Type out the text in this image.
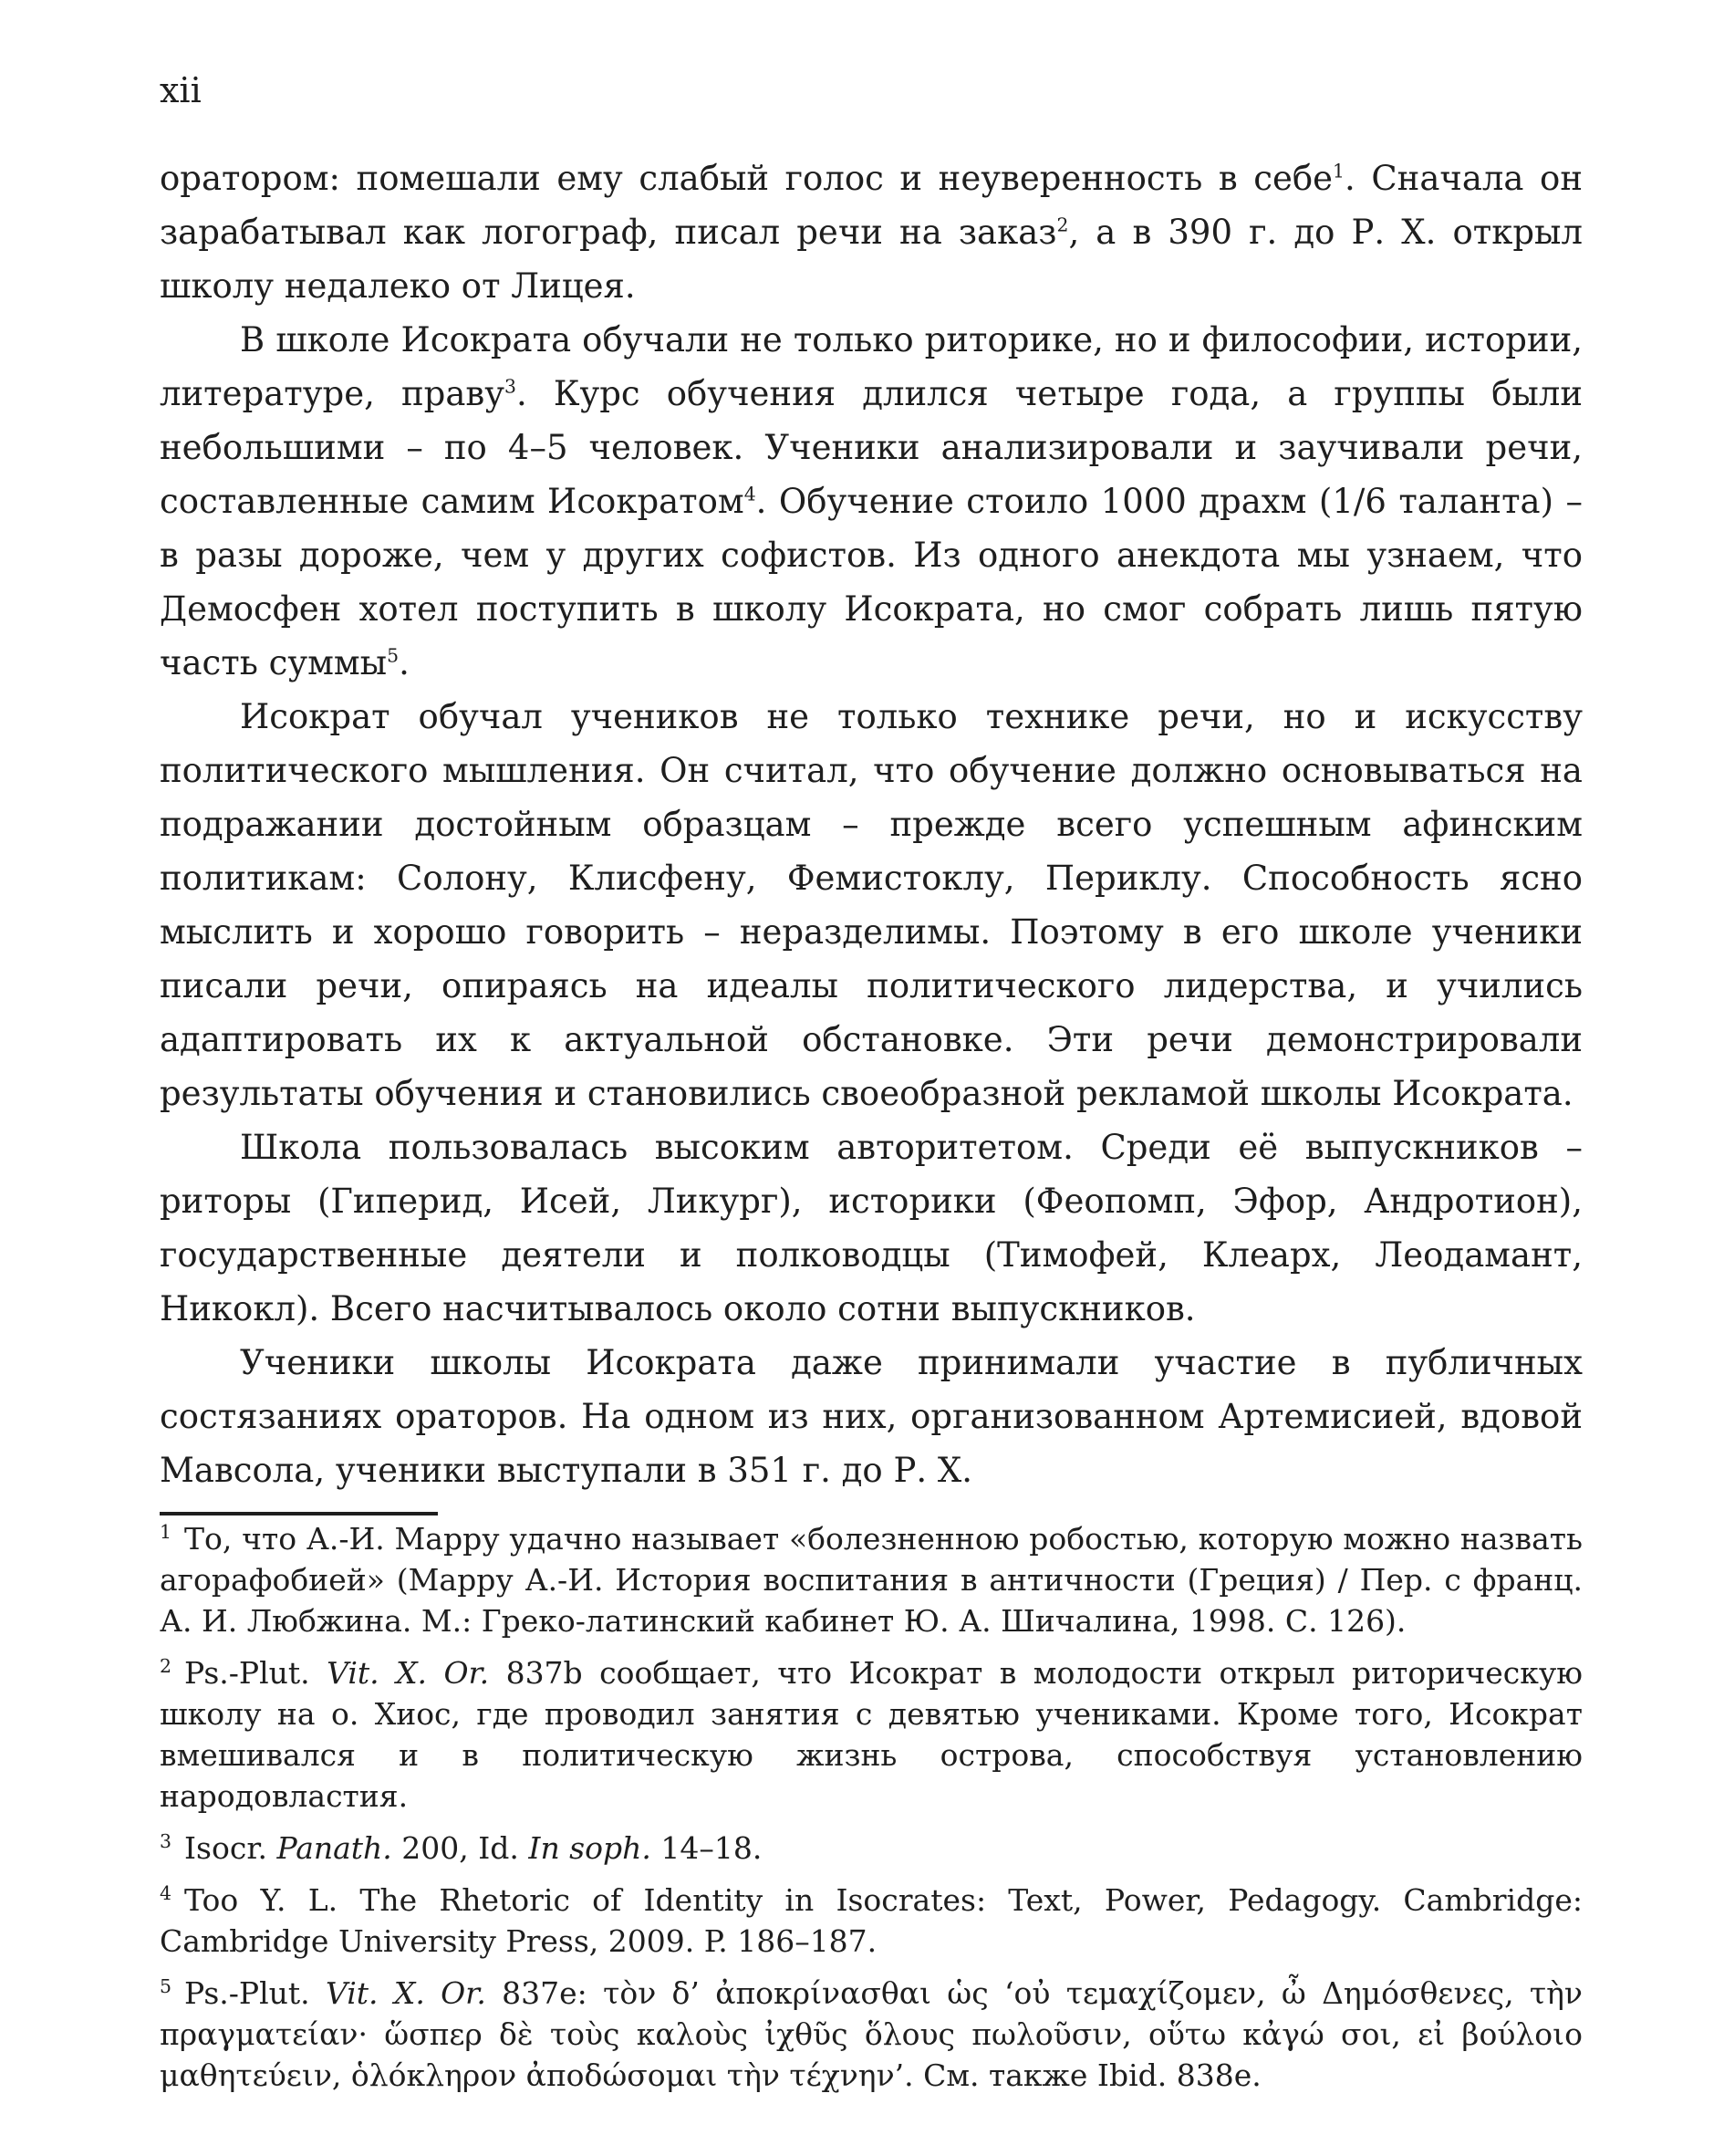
xii

оратором: помешали ему слабый голос и неуверенность в себе$^1$. Сначала он зарабатывал как логограф, писал речи на заказ$^2$, а в 390 г. до Р. Х. открыл школу недалеко от Лицея.

В школе Исократа обучали не только риторике, но и философии, истории, литературе, праву$^3$. Курс обучения длился четыре года, а группы были небольшими – по 4–5 человек. Ученики анализировали и заучивали речи, составленные самим Исократом$^4$. Обучение стоило 1000 драхм (1/6 таланта) – в разы дороже, чем у других софистов. Из одного анекдота мы узнаем, что Демосфен хотел поступить в школу Исократа, но смог собрать лишь пятую часть суммы$^5$.

Исократ обучал учеников не только технике речи, но и искусству политического мышления. Он считал, что обучение должно основываться на подражании достойным образцам – прежде всего успешным афинским политикам: Солону, Клисфену, Фемистоклу, Периклу. Способность ясно мыслить и хорошо говорить – неразделимы. Поэтому в его школе ученики писали речи, опираясь на идеалы политического лидерства, и учились адаптировать их к актуальной обстановке. Эти речи демонстрировали результаты обучения и становились своеобразной рекламой школы Исократа.

Школа пользовалась высоким авторитетом. Среди её выпускников – риторы (Гиперид, Исей, Ликург), историки (Феопомп, Эфор, Андротион), государственные деятели и полководцы (Тимофей, Клеарх, Леодамант, Никокл). Всего насчитывалось около сотни выпускников.

Ученики школы Исократа даже принимали участие в публичных состязаниях ораторов. На одном из них, организованном Артемисией, вдовой Мавсола, ученики выступали в 351 г. до Р. Х.

$^1$ То, что А.-И. Марру удачно называет «болезненною робостью, которую можно назвать агорафобией» (Марру А.-И. История воспитания в античности (Греция) / Пер. с франц. А. И. Любжина. М.: Греко-латинский кабинет Ю. А. Шичалина, 1998. С. 126).

$^2$ Ps.-Plut. Vit. X. Or. 837b сообщает, что Исократ в молодости открыл риторическую школу на о. Хиос, где проводил занятия с девятью учениками. Кроме того, Исократ вмешивался и в политическую жизнь острова, способствуя установлению народовластия.

$^3$ Isocr. Panath. 200, Id. In soph. 14–18.

$^4$ Too Y. L. The Rhetoric of Identity in Isocrates: Text, Power, Pedagogy. Cambridge: Cambridge University Press, 2009. P. 186–187.

$^5$ Ps.-Plut. Vit. X. Or. 837e: τὸν δ’ ἀποκρίνασθαι ὡς ‘οὐ τεμαχίζομεν, ὦ Δημόσθενες, τὴν πραγματείαν· ὥσπερ δὲ τοὺς καλοὺς ἰχθῦς ὅλους πωλοῦσιν, οὕτω κἀγώ σοι, εἰ βούλοιο μαθητεύειν, ὁλόκληρον ἀποδώσομαι τὴν τέχνην’. См. также Ibid. 838e.
